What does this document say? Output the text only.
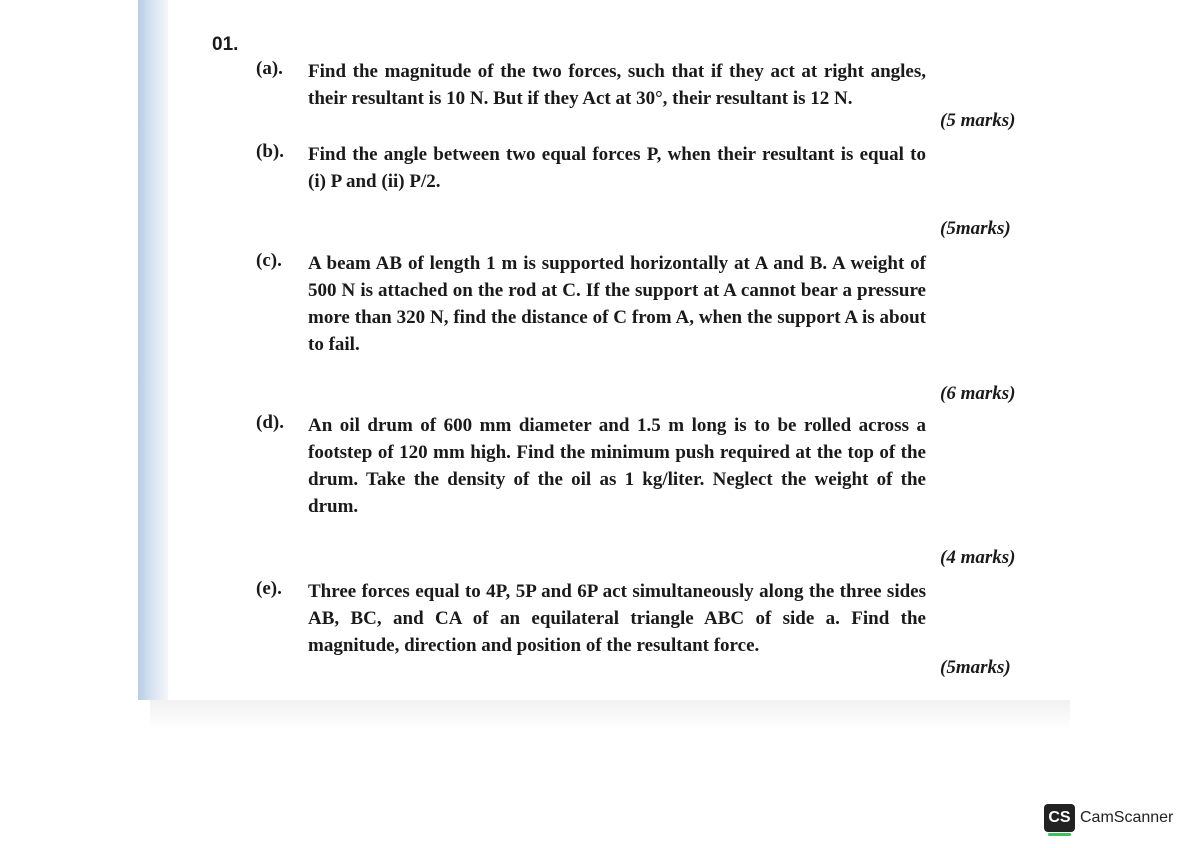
01.
(a).	Find the magnitude of the two forces, such that if they act at right angles, their resultant is 10 N. But if they Act at 30°, their resultant is 12 N.
(5 marks)
(b).	Find the angle between two equal forces P, when their resultant is equal to (i) P and (ii) P/2.
(5marks)
(c).	A beam AB of length 1 m is supported horizontally at A and B. A weight of 500 N is attached on the rod at C. If the support at A cannot bear a pressure more than 320 N, find the distance of C from A, when the support A is about to fail.
(6 marks)
(d).	An oil drum of 600 mm diameter and 1.5 m long is to be rolled across a footstep of 120 mm high. Find the minimum push required at the top of the drum. Take the density of the oil as 1 kg/liter. Neglect the weight of the drum.
(4 marks)
(e).	Three forces equal to 4P, 5P and 6P act simultaneously along the three sides AB, BC, and CA of an equilateral triangle ABC of side a. Find the magnitude, direction and position of the resultant force.
(5marks)
CS CamScanner
